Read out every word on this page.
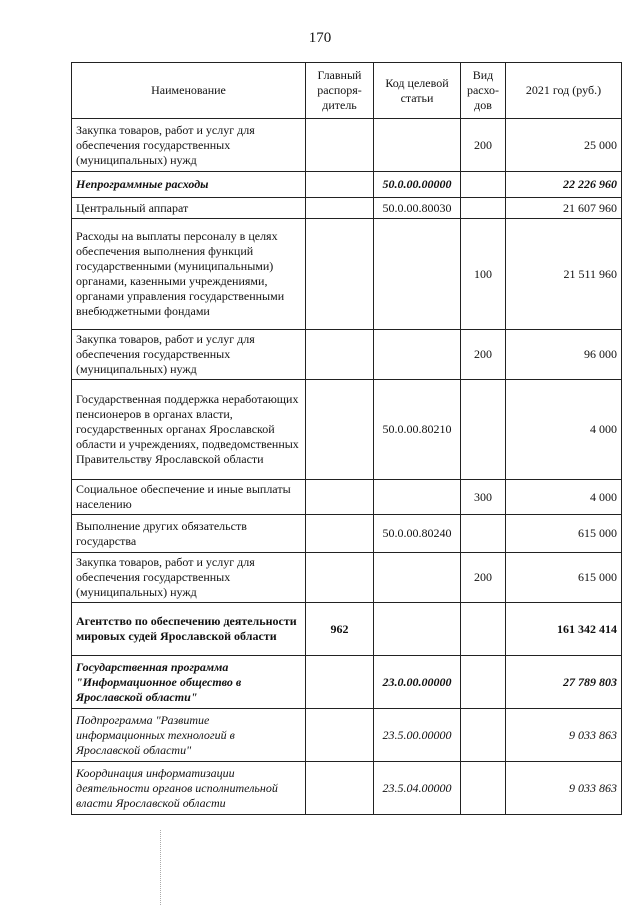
170
Наименование	Главный распоря-дитель	Код целевой статьи	Вид расхо-дов	2021 год (руб.)
Закупка товаров, работ и услуг для обеспечения государственных (муниципальных) нужд			200	25 000
Непрограммные расходы		50.0.00.00000		22 226 960
Центральный аппарат		50.0.00.80030		21 607 960
Расходы на выплаты персоналу в целях обеспечения выполнения функций государственными (муниципальными) органами, казенными учреждениями, органами управления государственными внебюджетными фондами			100	21 511 960
Закупка товаров, работ и услуг для обеспечения государственных (муниципальных) нужд			200	96 000
Государственная поддержка неработающих пенсионеров в органах власти, государственных органах Ярославской области и учреждениях, подведомственных Правительству Ярославской области		50.0.00.80210		4 000
Социальное обеспечение и иные выплаты населению			300	4 000
Выполнение других обязательств государства		50.0.00.80240		615 000
Закупка товаров, работ и услуг для обеспечения государственных (муниципальных) нужд			200	615 000
Агентство по обеспечению деятельности мировых судей Ярославской области	962			161 342 414
Государственная программа "Информационное общество в Ярославской области"		23.0.00.00000		27 789 803
Подпрограмма "Развитие информационных технологий в Ярославской области"		23.5.00.00000		9 033 863
Координация информатизации деятельности органов исполнительной власти Ярославской области		23.5.04.00000		9 033 863
